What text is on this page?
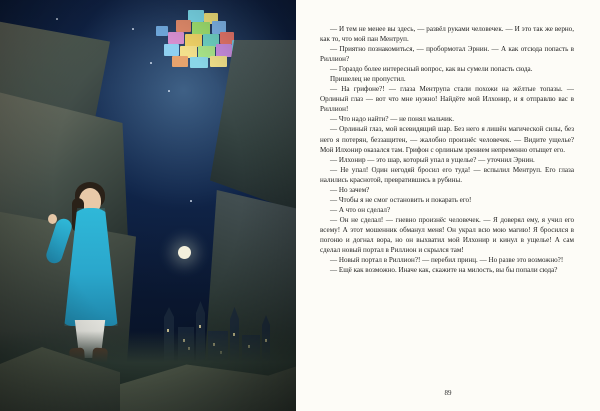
— И тем не менее вы здесь, — развёл руками человечек. — И это так же верно, как то, что мой пан Ментруп.

— Приятно познакомиться, — пробормотал Эрнин. — А как отсюда попасть в Риллион?

— Гораздо более интересный вопрос, как вы сумели попасть сюда.

Пришелец не пропустил.

— На грифоне?! — глаза Ментрупа стали похожи на жёлтые топазы. — Орлиный глаз — вот что мне нужно! Найдёте мой Илхонир, и я отправлю вас в Риллион!

— Что надо найти? — не понял мальчик.

— Орлиный глаз, мой всевидящий шар. Без него я лишён магической силы, без него я потерян, беззащитен, — жалобно произнёс человечек. — Видите ущелье? Мой Илхонир оказался там. Грифон с орлиным зрением непременно отыщет его.

— Илхонир — это шар, который упал в ущелье? — уточнил Эрнин.

— Не упал! Один негодяй бросил его туда! — вспылил Ментруп. Его глаза налились краснотой, превратившись в рубины.

— Но зачем?

— Чтобы я не смог остановить и покарать его!

— А что он сделал?

— Он не сделал! — гневно произнёс человечек. — Я доверял ему, я учил его всему! А этот мошенник обманул меня! Он украл всю мою магию! Я бросился в погоню и догнал вора, но он выхватил мой Илхонир и кинул в ущелье! А сам сделал новый портал в Риллион и скрылся там!

— Новый портал в Риллион?! — перебил принц. — Но разве это возможно?!

— Ещё как возможно. Иначе как, скажите на милость, вы бы попали сюда?

89
